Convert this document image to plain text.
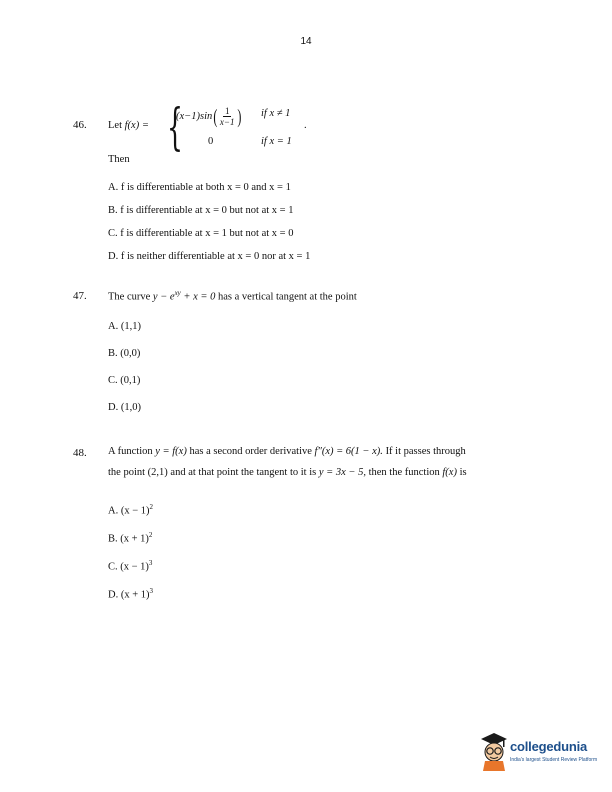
14
46. Let f(x) = {
(x−1)sin ( $\frac{1}{x-1}$ ) if x ≠ 1
0	if x = 1
.
Then
A. f is differentiable at both x = 0 and x = 1
B. f is differentiable at x = 0 but not at x = 1
C. f is differentiable at x = 1 but not at x = 0
D. f is neither differentiable at x = 0 nor at x = 1
47. The curve $y - e^{xy} + x = 0$ has a vertical tangent at the point
A. (1,1)
B. (0,0)
C. (0,1)
D. (1,0)
48. A function y = f(x) has a second order derivative f″(x) = 6(1 − x). If it passes through
the point (2,1) and at that point the tangent to it is y = 3x − 5, then the function f(x) is
A. $(x - 1)^2$
B. $(x + 1)^2$
C. $(x - 1)^3$
D. $(x + 1)^3$
collegedunia
India's largest Student Review Platform
